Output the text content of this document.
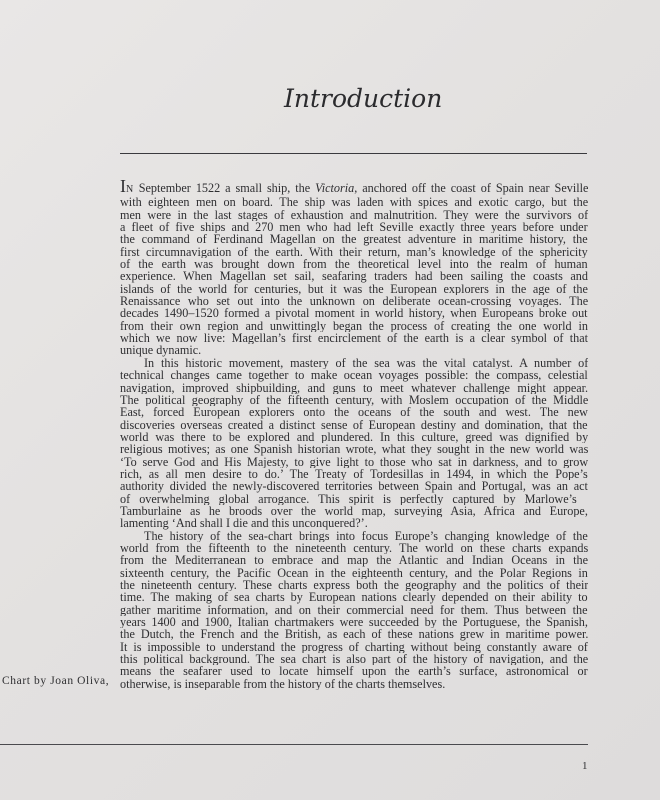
Introduction

IN September 1522 a small ship, the Victoria, anchored off the coast of Spain near Seville
with eighteen men on board. The ship was laden with spices and exotic cargo, but the
men were in the last stages of exhaustion and malnutrition. They were the survivors of
a fleet of five ships and 270 men who had left Seville exactly three years before under
the command of Ferdinand Magellan on the greatest adventure in maritime history, the
first circumnavigation of the earth. With their return, man’s knowledge of the sphericity
of the earth was brought down from the theoretical level into the realm of human
experience. When Magellan set sail, seafaring traders had been sailing the coasts and
islands of the world for centuries, but it was the European explorers in the age of the
Renaissance who set out into the unknown on deliberate ocean-crossing voyages. The
decades 1490–1520 formed a pivotal moment in world history, when Europeans broke out
from their own region and unwittingly began the process of creating the one world in
which we now live: Magellan’s first encirclement of the earth is a clear symbol of that
unique dynamic.

In this historic movement, mastery of the sea was the vital catalyst. A number of
technical changes came together to make ocean voyages possible: the compass, celestial
navigation, improved shipbuilding, and guns to meet whatever challenge might appear.
The political geography of the fifteenth century, with Moslem occupation of the Middle
East, forced European explorers onto the oceans of the south and west. The new
discoveries overseas created a distinct sense of European destiny and domination, that the
world was there to be explored and plundered. In this culture, greed was dignified by
religious motives; as one Spanish historian wrote, what they sought in the new world was
‘To serve God and His Majesty, to give light to those who sat in darkness, and to grow
rich, as all men desire to do.’ The Treaty of Tordesillas in 1494, in which the Pope’s
authority divided the newly-discovered territories between Spain and Portugal, was an act
of overwhelming global arrogance. This spirit is perfectly captured by Marlowe’s
Tamburlaine as he broods over the world map, surveying Asia, Africa and Europe,
lamenting ‘And shall I die and this unconquered?’.

The history of the sea-chart brings into focus Europe’s changing knowledge of the
world from the fifteenth to the nineteenth century. The world on these charts expands
from the Mediterranean to embrace and map the Atlantic and Indian Oceans in the
sixteenth century, the Pacific Ocean in the eighteenth century, and the Polar Regions in
the nineteenth century. These charts express both the geography and the politics of their
time. The making of sea charts by European nations clearly depended on their ability to
gather maritime information, and on their commercial need for them. Thus between the
years 1400 and 1900, Italian chartmakers were succeeded by the Portuguese, the Spanish,
the Dutch, the French and the British, as each of these nations grew in maritime power.
It is impossible to understand the progress of charting without being constantly aware of
this political background. The sea chart is also part of the history of navigation, and the
means the seafarer used to locate himself upon the earth’s surface, astronomical or
otherwise, is inseparable from the history of the charts themselves.

Chart by Joan Oliva,
1
